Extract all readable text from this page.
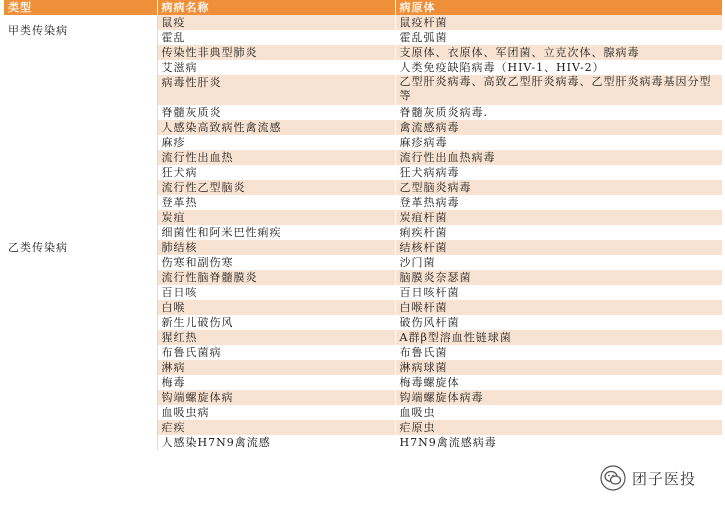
类型	病病名称	病原体

甲类传染病	鼠疫	鼠疫杆菌
	霍乱	霍乱弧菌

乙类传染病	传染性非典型肺炎	支原体、衣原体、军团菌、立克次体、腺病毒
	艾滋病	人类免疫缺陷病毒（HIV-1、HIV-2）
	病毒性肝炎	乙型肝炎病毒、高致乙型肝炎病毒、乙型肝炎病毒基因分型等
	脊髓灰质炎	脊髓灰质炎病毒.
	人感染高致病性禽流感	禽流感病毒
	麻疹	麻疹病毒
	流行性出血热	流行性出血热病毒
	狂犬病	狂犬病病毒
	流行性乙型脑炎	乙型脑炎病毒
	登革热	登革热病毒
	炭疽	炭疽杆菌
	细菌性和阿米巴性痢疾	痢疾杆菌
	肺结核	结核杆菌
	伤寒和副伤寒	沙门菌
	流行性脑脊髓膜炎	脑膜炎奈瑟菌
	百日咳	百日咳杆菌
	白喉	白喉杆菌
	新生儿破伤风	破伤风杆菌
	猩红热	A群β型溶血性链球菌
	布鲁氏菌病	布鲁氏菌
	淋病	淋病球菌
	梅毒	梅毒螺旋体
	钩端螺旋体病	钩端螺旋体病毒
	血吸虫病	血吸虫
	疟疾	疟原虫
	人感染H7N9禽流感	H7N9禽流感病毒
团子医投
